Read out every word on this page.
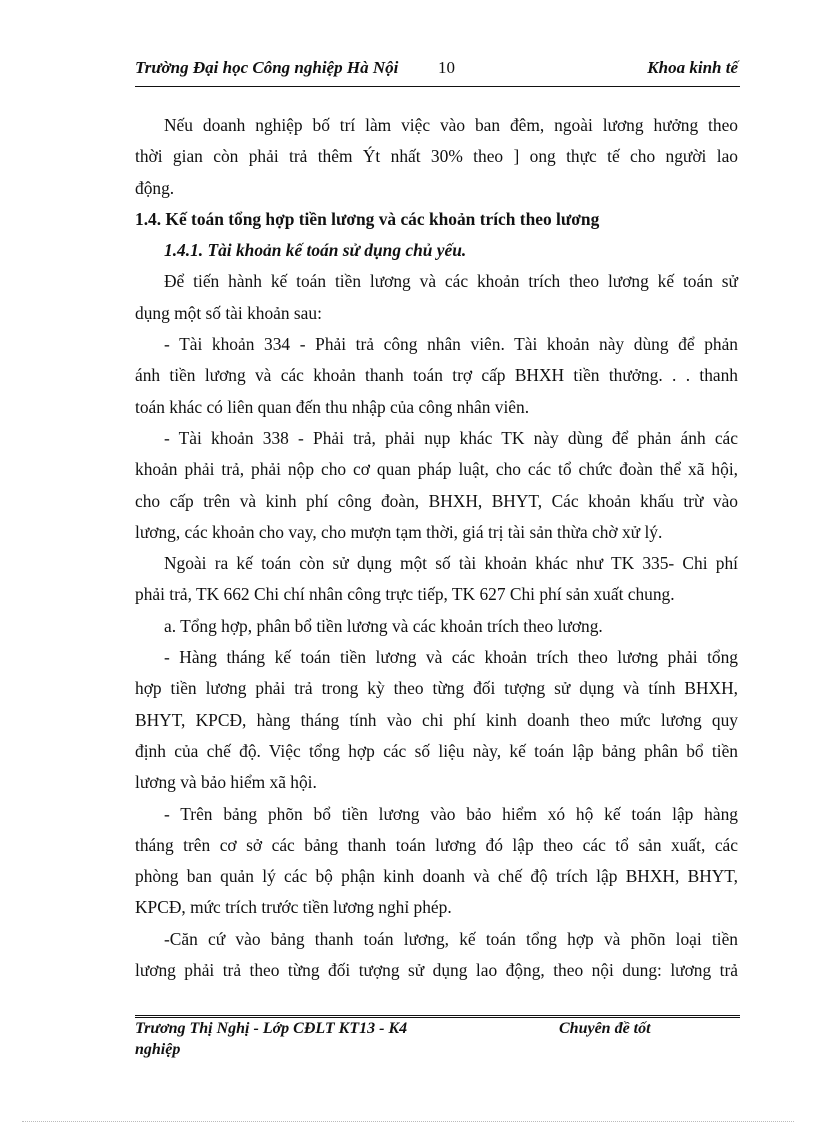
Trường Đại học Công nghiệp Hà Nội 10	Khoa kinh tế
Nếu doanh nghiệp bố trí làm việc vào ban đêm, ngoài lương hưởng theo
thời gian còn phải trả thêm Ýt nhất 30% theo ] ong thực tế cho người lao
động.
1.4. Kế toán tổng hợp tiền lương và các khoản trích theo lương
1.4.1. Tài khoản kế toán sử dụng chủ yếu.
Để tiến hành kế toán tiền lương và các khoản trích theo lương kế toán sử
dụng một số tài khoản sau:
- Tài khoản 334 - Phải trả công nhân viên. Tài khoản này dùng để phản
ánh tiền lương và các khoản thanh toán trợ cấp BHXH tiền thưởng. . . thanh
toán khác có liên quan đến thu nhập của công nhân viên.
- Tài khoản 338 - Phải trả, phải nụp khác TK này dùng để phản ánh các
khoản phải trả, phải nộp cho cơ quan pháp luật, cho các tổ chức đoàn thể xã hội,
cho cấp trên và kinh phí công đoàn, BHXH, BHYT, Các khoản khấu trừ vào
lương, các khoản cho vay, cho mượn tạm thời, giá trị tài sản thừa chờ xử lý.
Ngoài ra kế toán còn sử dụng một số tài khoản khác như TK 335- Chi phí
phải trả, TK 662 Chi chí nhân công trực tiếp, TK 627 Chi phí sản xuất chung.
a. Tổng hợp, phân bổ tiền lương và các khoản trích theo lương.
- Hàng tháng kế toán tiền lương và các khoản trích theo lương phải tổng
hợp tiền lương phải trả trong kỳ theo từng đối tượng sử dụng và tính BHXH,
BHYT, KPCĐ, hàng tháng tính vào chi phí kinh doanh theo mức lương quy
định của chế độ. Việc tổng hợp các số liệu này, kế toán lập bảng phân bổ tiền
lương và bảo hiểm xã hội.
- Trên bảng phõn bổ tiền lương vào bảo hiểm xó hộ kế toán lập hàng
tháng trên cơ sở các bảng thanh toán lương đó lập theo các tổ sản xuất, các
phòng ban quản lý các bộ phận kinh doanh và chế độ trích lập BHXH, BHYT,
KPCĐ, mức trích trước tiền lương nghỉ phép.
-Căn cứ vào bảng thanh toán lương, kế toán tổng hợp và phõn loại tiền
lương phải trả theo từng đối tượng sử dụng lao động, theo nội dung: lương trả
Trương Thị Nghị - Lớp CĐLT KT13 - K4	Chuyên đề tốt
nghiệp
